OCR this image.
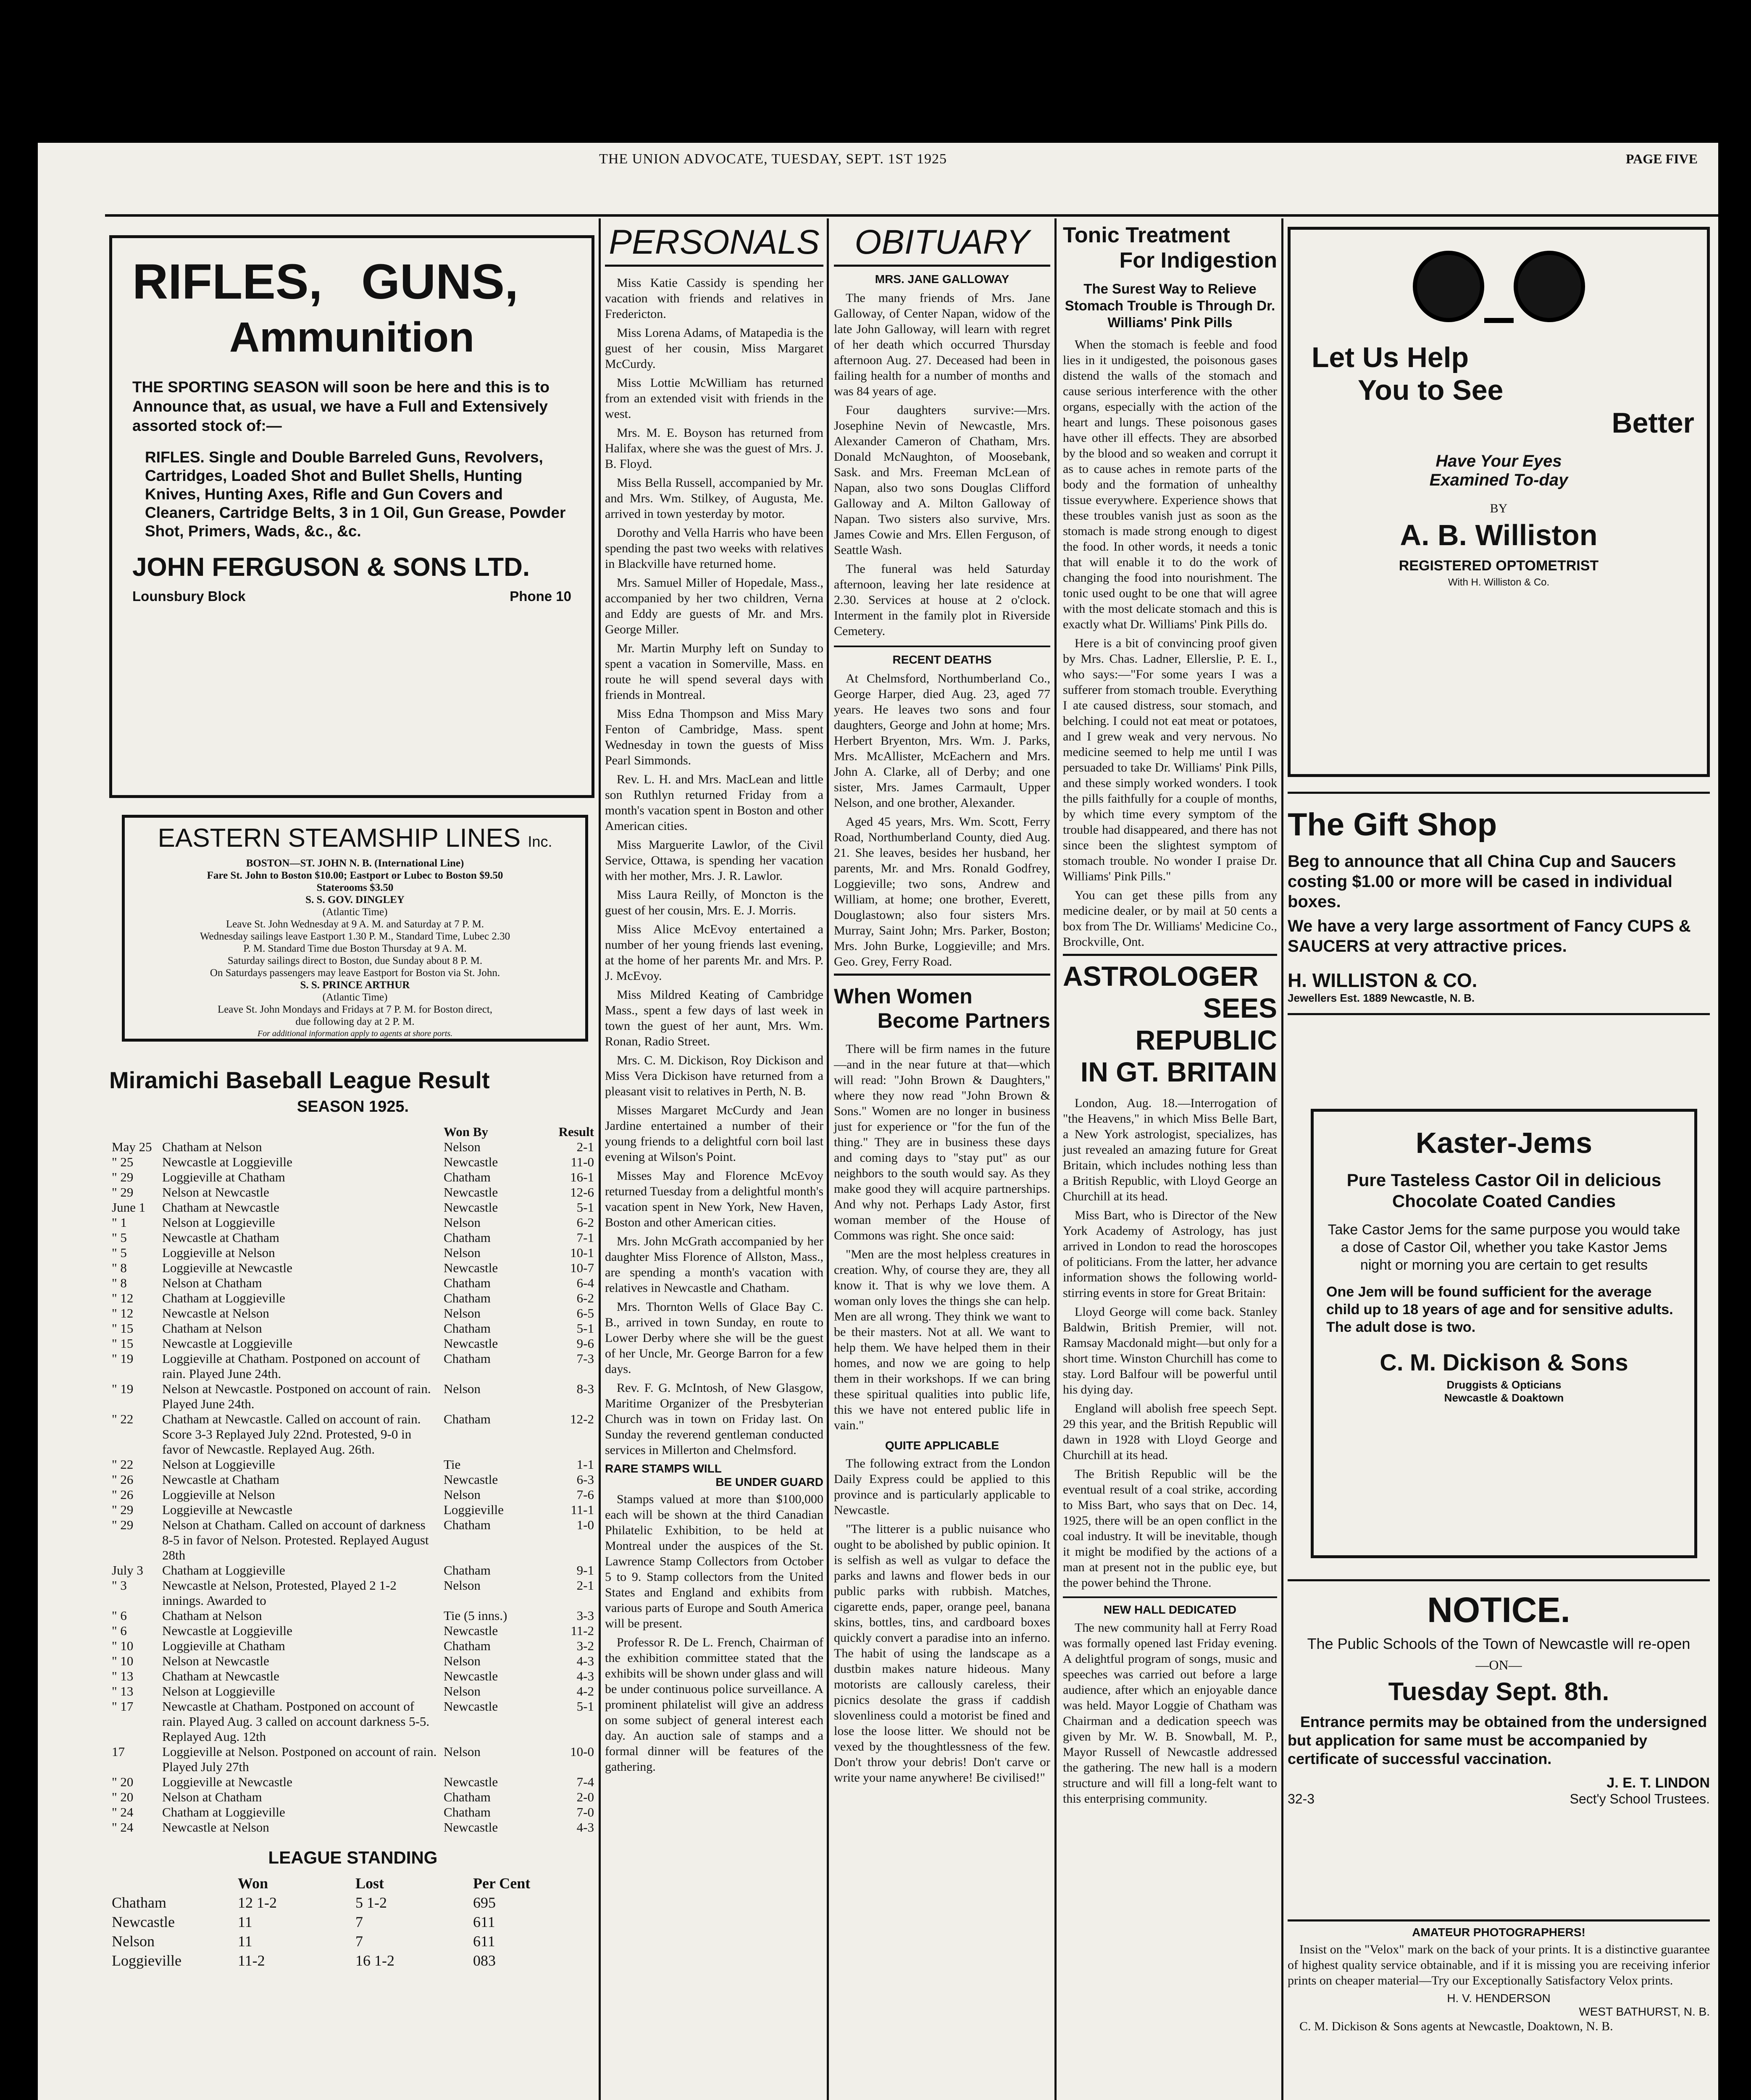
THE UNION ADVOCATE, TUESDAY, SEPT. 1ST 1925	PAGE FIVE
RIFLES, GUNS,
Ammunition
THE SPORTING SEASON will soon be here and this is to Announce that, as usual, we have a Full and Extensively assorted stock of:—
RIFLES. Single and Double Barreled Guns, Revolvers, Cartridges, Loaded Shot and Bullet Shells, Hunting Knives, Hunting Axes, Rifle and Gun Covers and Cleaners, Cartridge Belts, 3 in 1 Oil, Gun Grease, Powder Shot, Primers, Wads, &c., &c.
JOHN FERGUSON & SONS LTD.
Lounsbury Block	Phone 10
EASTERN STEAMSHIP LINES Inc.
BOSTON—ST. JOHN N. B. (International Line)
Fare St. John to Boston $10.00; Eastport or Lubec to Boston $9.50
Staterooms $3.50
S. S. GOV. DINGLEY
(Atlantic Time)
Leave St. John Wednesday at 9 A. M. and Saturday at 7 P. M.
Wednesday sailings leave Eastport 1.30 P. M., Standard Time, Lubec 2.30
P. M. Standard Time due Boston Thursday at 9 A. M.
Saturday sailings direct to Boston, due Sunday about 8 P. M.
On Saturdays passengers may leave Eastport for Boston via St. John.
S. S. PRINCE ARTHUR
(Atlantic Time)
Leave St. John Mondays and Fridays at 7 P. M. for Boston direct,
due following day at 2 P. M.
For additional information apply to agents at shore ports.
Miramichi Baseball League Result
SEASON 1925.
		Won By	Result
May 25	Chatham at Nelson	Nelson	2-1
" 25	Newcastle at Loggieville	Newcastle	11-0
" 29	Loggieville at Chatham	Chatham	16-1
" 29	Nelson at Newcastle	Newcastle	12-6
June 1	Chatham at Newcastle	Newcastle	5-1
" 1	Nelson at Loggieville	Nelson	6-2
" 5	Newcastle at Chatham	Chatham	7-1
" 5	Loggieville at Nelson	Nelson	10-1
" 8	Loggieville at Newcastle	Newcastle	10-7
" 8	Nelson at Chatham	Chatham	6-4
" 12	Chatham at Loggieville	Chatham	6-2
" 12	Newcastle at Nelson	Nelson	6-5
" 15	Chatham at Nelson	Chatham	5-1
" 15	Newcastle at Loggieville	Newcastle	9-6
" 19	Loggieville at Chatham. Postponed on account of rain. Played June 24th.	Chatham	7-3
" 19	Nelson at Newcastle. Postponed on account of rain. Played June 24th.	Nelson	8-3
" 22	Chatham at Newcastle. Called on account of rain. Score 3-3 Replayed July 22nd. Protested, 9-0 in favor of Newcastle. Replayed Aug. 26th.	Chatham	12-2
" 22	Nelson at Loggieville	Tie	1-1
" 26	Newcastle at Chatham	Newcastle	6-3
" 26	Loggieville at Nelson	Nelson	7-6
" 29	Loggieville at Newcastle	Loggieville	11-1
" 29	Nelson at Chatham. Called on account of darkness 8-5 in favor of Nelson. Protested. Replayed August 28th	Chatham	1-0
July 3	Chatham at Loggieville	Chatham	9-1
" 3	Newcastle at Nelson, Protested, Played 2 1-2 innings. Awarded to	Nelson	2-1
" 6	Chatham at Nelson	Tie (5 inns.)	3-3
" 6	Newcastle at Loggieville	Newcastle	11-2
" 10	Loggieville at Chatham	Chatham	3-2
" 10	Nelson at Newcastle	Nelson	4-3
" 13	Chatham at Newcastle	Newcastle	4-3
" 13	Nelson at Loggieville	Nelson	4-2
" 17	Newcastle at Chatham. Postponed on account of rain. Played Aug. 3 called on account darkness 5-5. Replayed Aug. 12th	Newcastle	5-1
17	Loggieville at Nelson. Postponed on account of rain. Played July 27th	Nelson	10-0
" 20	Loggieville at Newcastle	Newcastle	7-4
" 20	Nelson at Chatham	Chatham	2-0
" 24	Chatham at Loggieville	Chatham	7-0
" 24	Newcastle at Nelson	Newcastle	4-3
LEAGUE STANDING
	Won	Lost	Per Cent
Chatham	12 1-2	5 1-2	695
Newcastle	11	7	611
Nelson	11	7	611
Loggieville	11-2	16 1-2	083

PERSONALS

Miss Katie Cassidy is spending her vacation with friends and relatives in Fredericton.

Miss Lorena Adams, of Matapedia is the guest of her cousin, Miss Margaret McCurdy.

Miss Lottie McWilliam has returned from an extended visit with friends in the west.

Mrs. M. E. Boyson has returned from Halifax, where she was the guest of Mrs. J. B. Floyd.

Miss Bella Russell, accompanied by Mr. and Mrs. Wm. Stilkey, of Augusta, Me. arrived in town yesterday by motor.

Dorothy and Vella Harris who have been spending the past two weeks with relatives in Blackville have returned home.

Mrs. Samuel Miller of Hopedale, Mass., accompanied by her two children, Verna and Eddy are guests of Mr. and Mrs. George Miller.

Mr. Martin Murphy left on Sunday to spent a vacation in Somerville, Mass. en route he will spend several days with friends in Montreal.

Miss Edna Thompson and Miss Mary Fenton of Cambridge, Mass. spent Wednesday in town the guests of Miss Pearl Simmonds.

Rev. L. H. and Mrs. MacLean and little son Ruthlyn returned Friday from a month's vacation spent in Boston and other American cities.

Miss Marguerite Lawlor, of the Civil Service, Ottawa, is spending her vacation with her mother, Mrs. J. R. Lawlor.

Miss Laura Reilly, of Moncton is the guest of her cousin, Mrs. E. J. Morris.

Miss Alice McEvoy entertained a number of her young friends last evening, at the home of her parents Mr. and Mrs. P. J. McEvoy.

Miss Mildred Keating of Cambridge Mass., spent a few days of last week in town the guest of her aunt, Mrs. Wm. Ronan, Radio Street.

Mrs. C. M. Dickison, Roy Dickison and Miss Vera Dickison have returned from a pleasant visit to relatives in Perth, N. B.

Misses Margaret McCurdy and Jean Jardine entertained a number of their young friends to a delightful corn boil last evening at Wilson's Point.

Misses May and Florence McEvoy returned Tuesday from a delightful month's vacation spent in New York, New Haven, Boston and other American cities.

Mrs. John McGrath accompanied by her daughter Miss Florence of Allston, Mass., are spending a month's vacation with relatives in Newcastle and Chatham.

Mrs. Thornton Wells of Glace Bay C. B., arrived in town Sunday, en route to Lower Derby where she will be the guest of her Uncle, Mr. George Barron for a few days.

Rev. F. G. McIntosh, of New Glasgow, Maritime Organizer of the Presbyterian Church was in town on Friday last. On Sunday the reverend gentleman conducted services in Millerton and Chelmsford.

RARE STAMPS WILL
BE UNDER GUARD

Stamps valued at more than $100,000 each will be shown at the third Canadian Philatelic Exhibition, to be held at Montreal under the auspices of the St. Lawrence Stamp Collectors from October 5 to 9. Stamp collectors from the United States and England and exhibits from various parts of Europe and South America will be present.

Professor R. De L. French, Chairman of the exhibition committee stated that the exhibits will be shown under glass and will be under continuous police surveillance. A prominent philatelist will give an address on some subject of general interest each day. An auction sale of stamps and a formal dinner will be features of the gathering.

OBITUARY
MRS. JANE GALLOWAY

The many friends of Mrs. Jane Galloway, of Center Napan, widow of the late John Galloway, will learn with regret of her death which occurred Thursday afternoon Aug. 27. Deceased had been in failing health for a number of months and was 84 years of age.

Four daughters survive:—Mrs. Josephine Nevin of Newcastle, Mrs. Alexander Cameron of Chatham, Mrs. Donald McNaughton, of Moosebank, Sask. and Mrs. Freeman McLean of Napan, also two sons Douglas Clifford Galloway and A. Milton Galloway of Napan. Two sisters also survive, Mrs. James Cowie and Mrs. Ellen Ferguson, of Seattle Wash.

The funeral was held Saturday afternoon, leaving her late residence at 2.30. Services at house at 2 o'clock. Interment in the family plot in Riverside Cemetery.

RECENT DEATHS

At Chelmsford, Northumberland Co., George Harper, died Aug. 23, aged 77 years. He leaves two sons and four daughters, George and John at home; Mrs. Herbert Bryenton, Mrs. Wm. J. Parks, Mrs. McAllister, McEachern and Mrs. John A. Clarke, all of Derby; and one sister, Mrs. James Carmault, Upper Nelson, and one brother, Alexander.

Aged 45 years, Mrs. Wm. Scott, Ferry Road, Northumberland County, died Aug. 21. She leaves, besides her husband, her parents, Mr. and Mrs. Ronald Godfrey, Loggieville; two sons, Andrew and William, at home; one brother, Everett, Douglastown; also four sisters Mrs. Murray, Saint John; Mrs. Parker, Boston; Mrs. John Burke, Loggieville; and Mrs. Geo. Grey, Ferry Road.

When Women
Become Partners

There will be firm names in the future—and in the near future at that—which will read: "John Brown & Daughters," where they now read "John Brown & Sons." Women are no longer in business just for experience or "for the fun of the thing." They are in business these days and coming days to "stay put" as our neighbors to the south would say. As they make good they will acquire partnerships. And why not. Perhaps Lady Astor, first woman member of the House of Commons was right. She once said:

"Men are the most helpless creatures in creation. Why, of course they are, they all know it. That is why we love them. A woman only loves the things she can help. Men are all wrong. They think we want to be their masters. Not at all. We want to help them. We have helped them in their homes, and now we are going to help them in their workshops. If we can bring these spiritual qualities into public life, this we have not entered public life in vain."

QUITE APPLICABLE

The following extract from the London Daily Express could be applied to this province and is particularly applicable to Newcastle.

"The litterer is a public nuisance who ought to be abolished by public opinion. It is selfish as well as vulgar to deface the parks and lawns and flower beds in our public parks with rubbish. Matches, cigarette ends, paper, orange peel, banana skins, bottles, tins, and cardboard boxes quickly convert a paradise into an inferno. The habit of using the landscape as a dustbin makes nature hideous. Many motorists are callously careless, their picnics desolate the grass if caddish slovenliness could a motorist be fined and lose the loose litter. We should not be vexed by the thoughtlessness of the few. Don't throw your debris! Don't carve or write your name anywhere! Be civilised!"

Tonic Treatment
For Indigestion
The Surest Way to Relieve Stomach Trouble is Through Dr. Williams' Pink Pills

When the stomach is feeble and food lies in it undigested, the poisonous gases distend the walls of the stomach and cause serious interference with the other organs, especially with the action of the heart and lungs. These poisonous gases have other ill effects. They are absorbed by the blood and so weaken and corrupt it as to cause aches in remote parts of the body and the formation of unhealthy tissue everywhere. Experience shows that these troubles vanish just as soon as the stomach is made strong enough to digest the food. In other words, it needs a tonic that will enable it to do the work of changing the food into nourishment. The tonic used ought to be one that will agree with the most delicate stomach and this is exactly what Dr. Williams' Pink Pills do.

Here is a bit of convincing proof given by Mrs. Chas. Ladner, Ellerslie, P. E. I., who says:—"For some years I was a sufferer from stomach trouble. Everything I ate caused distress, sour stomach, and belching. I could not eat meat or potatoes, and I grew weak and very nervous. No medicine seemed to help me until I was persuaded to take Dr. Williams' Pink Pills, and these simply worked wonders. I took the pills faithfully for a couple of months, by which time every symptom of the trouble had disappeared, and there has not since been the slightest symptom of stomach trouble. No wonder I praise Dr. Williams' Pink Pills."

You can get these pills from any medicine dealer, or by mail at 50 cents a box from The Dr. Williams' Medicine Co., Brockville, Ont.

ASTROLOGER
SEES REPUBLIC
IN GT. BRITAIN

London, Aug. 18.—Interrogation of "the Heavens," in which Miss Belle Bart, a New York astrologist, specializes, has just revealed an amazing future for Great Britain, which includes nothing less than a British Republic, with Lloyd George an Churchill at its head.

Miss Bart, who is Director of the New York Academy of Astrology, has just arrived in London to read the horoscopes of politicians. From the latter, her advance information shows the following world-stirring events in store for Great Britain:

Lloyd George will come back. Stanley Baldwin, British Premier, will not. Ramsay Macdonald might—but only for a short time. Winston Churchill has come to stay. Lord Balfour will be powerful until his dying day.

England will abolish free speech Sept. 29 this year, and the British Republic will dawn in 1928 with Lloyd George and Churchill at its head.

The British Republic will be the eventual result of a coal strike, according to Miss Bart, who says that on Dec. 14, 1925, there will be an open conflict in the coal industry. It will be inevitable, though it might be modified by the actions of a man at present not in the public eye, but the power behind the Throne.

NEW HALL DEDICATED

The new community hall at Ferry Road was formally opened last Friday evening. A delightful program of songs, music and speeches was carried out before a large audience, after which an enjoyable dance was held. Mayor Loggie of Chatham was Chairman and a dedication speech was given by Mr. W. B. Snowball, M. P., Mayor Russell of Newcastle addressed the gathering. The new hall is a modern structure and will fill a long-felt want to this enterprising community.

Let Us Help
You to See
Better
Have Your Eyes
Examined To-day
BY
A. B. Williston
REGISTERED OPTOMETRIST
With H. Williston & Co.
The Gift Shop
Beg to announce that all China Cup and Saucers costing $1.00 or more will be cased in individual boxes.
We have a very large assortment of Fancy CUPS & SAUCERS at very attractive prices.
H. WILLISTON & CO.
Jewellers Est. 1889 Newcastle, N. B.
Kaster-Jems
Pure Tasteless Castor Oil in delicious Chocolate Coated Candies
Take Castor Jems for the same purpose you would take a dose of Castor Oil, whether you take Kastor Jems night or morning you are certain to get results
One Jem will be found sufficient for the average child up to 18 years of age and for sensitive adults. The adult dose is two.
C. M. Dickison & Sons
Druggists & Opticians
Newcastle & Doaktown
NOTICE.
The Public Schools of the Town of Newcastle will re-open
—ON—
Tuesday Sept. 8th.
Entrance permits may be obtained from the undersigned but application for same must be accompanied by certificate of successful vaccination.
J. E. T. LINDON
32-3	Sect'y School Trustees.
AMATEUR PHOTOGRAPHERS!

Insist on the "Velox" mark on the back of your prints. It is a distinctive guarantee of highest quality service obtainable, and if it is missing you are receiving inferior prints on cheaper material—Try our Exceptionally Satisfactory Velox prints.

H. V. HENDERSON
WEST BATHURST, N. B.

C. M. Dickison & Sons agents at Newcastle, Doaktown, N. B.
